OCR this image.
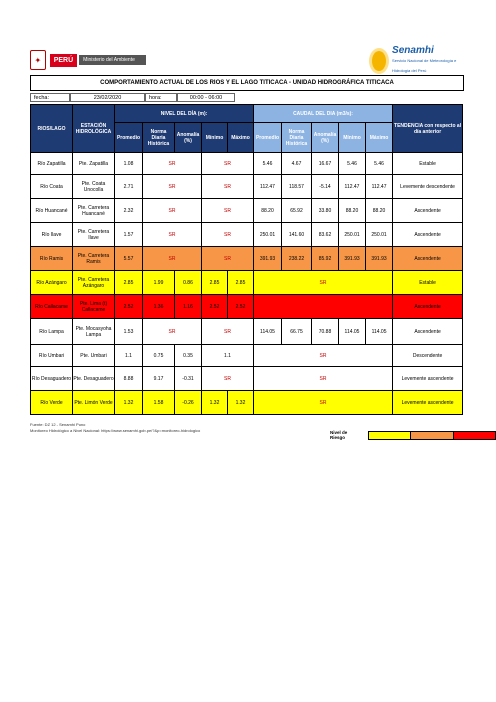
✦	PERÚ	Ministerio del Ambiente
Senamhi
Servicio Nacional de Meteorología e Hidrología del Perú
COMPORTAMIENTO ACTUAL DE LOS RIOS Y EL LAGO TITICACA - UNIDAD HIDROGRÁFICA TITICACA
fecha:	23/02/2020	hora:	00:00 - 06:00
RIOS/LAGO	ESTACIÓN HIDROLÓGICA	NIVEL DEL DÍA (m):					CAUDAL DEL DIA (m3/s):					TENDENCIA con respecto al día anterior
		Promedio	Norma Diaria Histórica	Anomalía (%)	Mínimo	Máximo	Promedio	Norma Diaria Histórica	Anomalía (%)	Mínimo	Máximo	
Río Zapatilla	Pte. Zapatilla	1.08	SR		SR		5.46	4.67	16.67	5.46	5.46	Estable
Río Coata	Pte. Coata Unocolla	2.71	SR		SR		112.47	118.57	-5.14	112.47	112.47	Levemente descendente
Río Huancané	Pte. Carretera Huancané	2.32	SR		SR		88.20	65.92	33.80	88.20	88.20	Ascendente
Río Ilave	Pte. Carretera Ilave	1.57	SR		SR		250.01	141.60	83.62	250.01	250.01	Ascendente
Río Ramis	Pte. Carretera Ramis	5.57	SR		SR		391.93	238.22	85.92	391.93	391.93	Ascendente
Río Azángaro	Pte. Carretera Azángaro	2.85	1.99	0.86	2.85	2.85	SR					Estable
Río Callacame	Pte. Lima (t) Callacame	2.52	1.36	1.16	2.52	2.52						Ascendente
Río Lampa	Pte. Mocasyoha Lampa	1.53	SR		SR		114.05	66.75	70.88	114.05	114.05	Ascendente
Río Umbari	Pte. Umbari	1.1	0.75	0.35	1.1		SR					Descendente
Río Desaguadero	Pte. Desaguadero	8.88	9.17	-0.31	SR		SR					Levemente ascendente
Río Verde	Pte. Limón Verde	1.32	1.58	-0.26	1.32	1.32	SR					Levemente ascendente
Fuente: DZ 12 - Senamhi Puno
Monitoreo Hidrológico a Nivel Nacional: https://www.senamhi.gob.pe/?&p=monitoreo-hidrologico	Nivel de Riesgo
